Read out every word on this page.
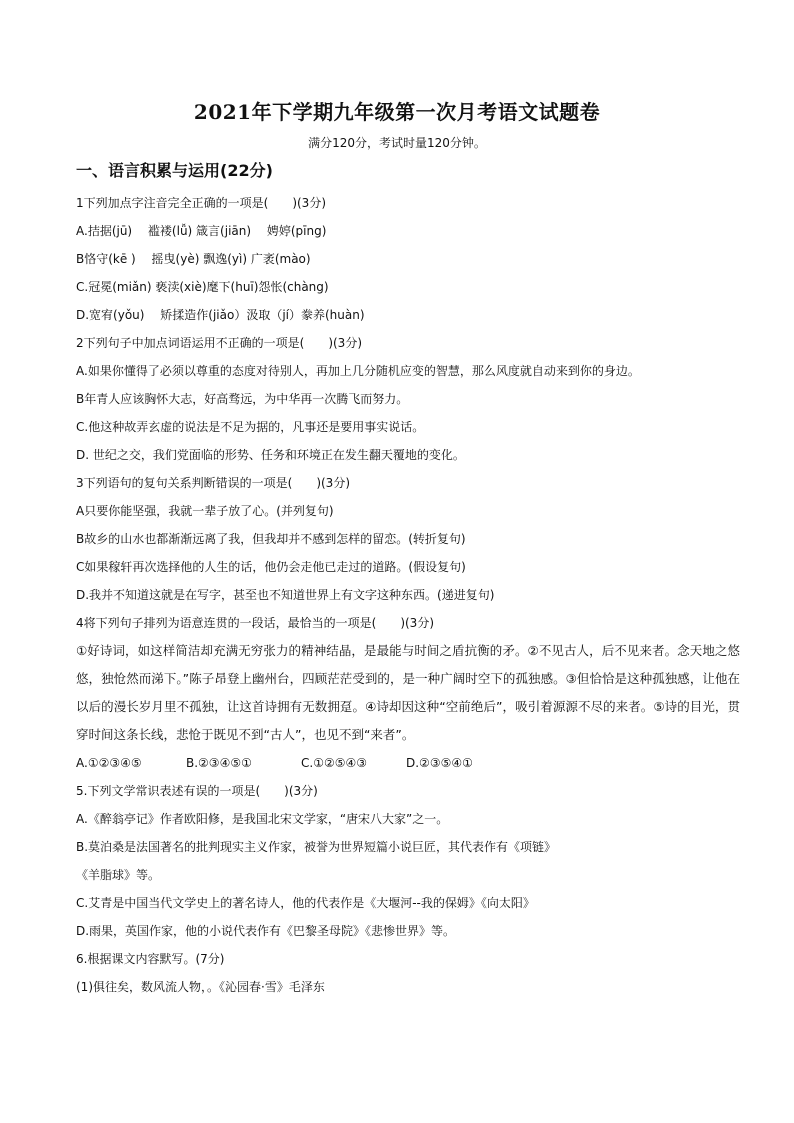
2021年下学期九年级第一次月考语文试题卷
满分120分，考试时量120分钟。
一、语言积累与运用(22分)
1下列加点字注音完全正确的一项是(　　)(3分)
A.拮据(jū)　 褴褛(lǚ) 箴言(jiān)　 娉婷(pīng)
B恪守(kē )　 摇曳(yè) 飘逸(yì) 广袤(mào)
C.冠冕(miǎn) 亵渎(xiè)麾下(huī)怨怅(chàng)
D.宽宥(yǒu)　 矫揉造作(jiǎo）汲取（jí）豢养(huàn)
2下列句子中加点词语运用不正确的一项是(　　)(3分)
A.如果你懂得了必须以尊重的态度对待别人，再加上几分随机应变的智慧，那么风度就自动来到你的身边。
B年青人应该胸怀大志，好高骛远，为中华再一次腾飞而努力。
C.他这种故弄玄虚的说法是不足为据的，凡事还是要用事实说话。
D. 世纪之交，我们党面临的形势、任务和环境正在发生翻天覆地的变化。
3下列语句的复句关系判断错误的一项是(　　)(3分)
A只要你能坚强，我就一辈子放了心。(并列复句)
B故乡的山水也都渐渐远离了我，但我却并不感到怎样的留恋。(转折复句)
C如果稼轩再次选择他的人生的话，他仍会走他已走过的道路。(假设复句)
D.我并不知道这就是在写字，甚至也不知道世界上有文字这种东西。(递进复句)
4将下列句子排列为语意连贯的一段话，最恰当的一项是(　　)(3分)
①好诗词，如这样简洁却充满无穷张力的精神结晶，是最能与时间之盾抗衡的矛。②不见古人，后不见来者。念天地之悠悠，独怆然而涕下。”陈子昂登上幽州台，四顾茫茫受到的，是一种广阔时空下的孤独感。③但恰恰是这种孤独感，让他在以后的漫长岁月里不孤独，让这首诗拥有无数拥趸。④诗却因这种“空前绝后”，吸引着源源不尽的来者。⑤诗的目光，贯穿时间这条长线，悲怆于既见不到“古人”，也见不到“来者”。
A.①②③④⑤	B.②③④⑤①	C.①②⑤④③	D.②③⑤④①
5.下列文学常识表述有误的一项是(　　)(3分)
A.《醉翁亭记》作者欧阳修，是我国北宋文学家，“唐宋八大家”之一。
B.莫泊桑是法国著名的批判现实主义作家，被誉为世界短篇小说巨匠，其代表作有《项链》
《羊脂球》等。
C.艾青是中国当代文学史上的著名诗人，他的代表作是《大堰河--我的保姆》《向太阳》
D.雨果，英国作家，他的小说代表作有《巴黎圣母院》《悲惨世界》等。
6.根据课文内容默写。(7分)
(1)俱往矣，数风流人物，。《沁园春·雪》毛泽东
